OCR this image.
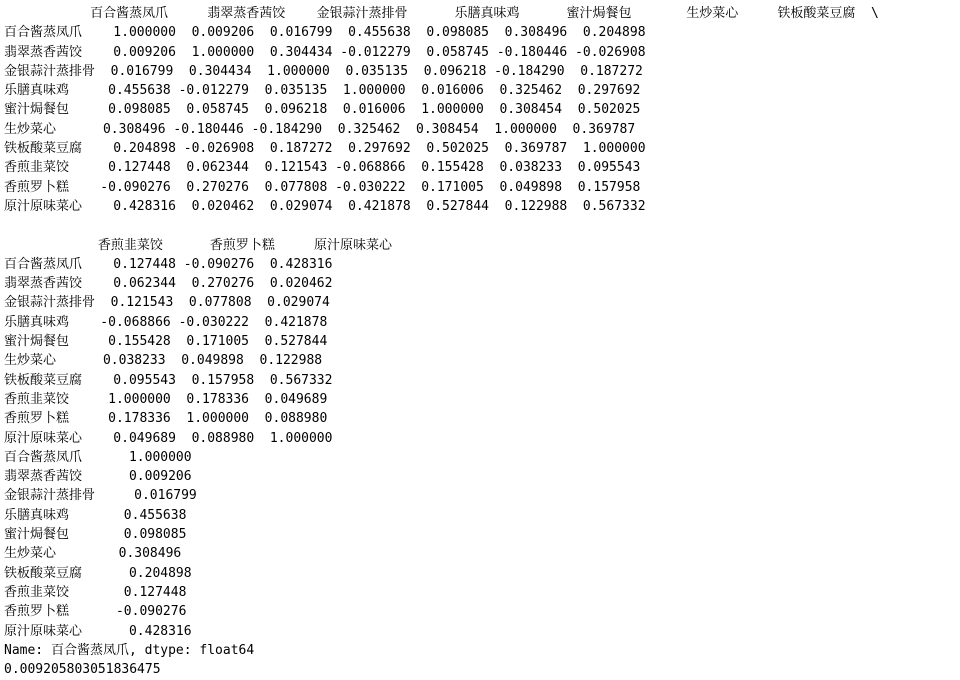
百合酱蒸凤爪     翡翠蒸香茜饺    金银蒜汁蒸排骨      乐膳真味鸡      蜜汁焗餐包       生炒菜心     铁板酸菜豆腐  \
百合酱蒸凤爪    1.000000  0.009206  0.016799  0.455638  0.098085  0.308496  0.204898
翡翠蒸香茜饺    0.009206  1.000000  0.304434 -0.012279  0.058745 -0.180446 -0.026908
金银蒜汁蒸排骨  0.016799  0.304434  1.000000  0.035135  0.096218 -0.184290  0.187272
乐膳真味鸡     0.455638 -0.012279  0.035135  1.000000  0.016006  0.325462  0.297692
蜜汁焗餐包     0.098085  0.058745  0.096218  0.016006  1.000000  0.308454  0.502025
生炒菜心      0.308496 -0.180446 -0.184290  0.325462  0.308454  1.000000  0.369787
铁板酸菜豆腐    0.204898 -0.026908  0.187272  0.297692  0.502025  0.369787  1.000000
香煎韭菜饺     0.127448  0.062344  0.121543 -0.068866  0.155428  0.038233  0.095543
香煎罗卜糕    -0.090276  0.270276  0.077808 -0.030222  0.171005  0.049898  0.157958
原汁原味菜心    0.428316  0.020462  0.029074  0.421878  0.527844  0.122988  0.567332
香煎韭菜饺      香煎罗卜糕     原汁原味菜心
百合酱蒸凤爪    0.127448 -0.090276  0.428316
翡翠蒸香茜饺    0.062344  0.270276  0.020462
金银蒜汁蒸排骨  0.121543  0.077808  0.029074
乐膳真味鸡    -0.068866 -0.030222  0.421878
蜜汁焗餐包     0.155428  0.171005  0.527844
生炒菜心      0.038233  0.049898  0.122988
铁板酸菜豆腐    0.095543  0.157958  0.567332
香煎韭菜饺     1.000000  0.178336  0.049689
香煎罗卜糕     0.178336  1.000000  0.088980
原汁原味菜心    0.049689  0.088980  1.000000
百合酱蒸凤爪      1.000000
翡翠蒸香茜饺      0.009206
金银蒜汁蒸排骨     0.016799
乐膳真味鸡       0.455638
蜜汁焗餐包       0.098085
生炒菜心        0.308496
铁板酸菜豆腐      0.204898
香煎韭菜饺       0.127448
香煎罗卜糕      -0.090276
原汁原味菜心      0.428316
Name: 百合酱蒸凤爪, dtype: float64
0.009205803051836475
